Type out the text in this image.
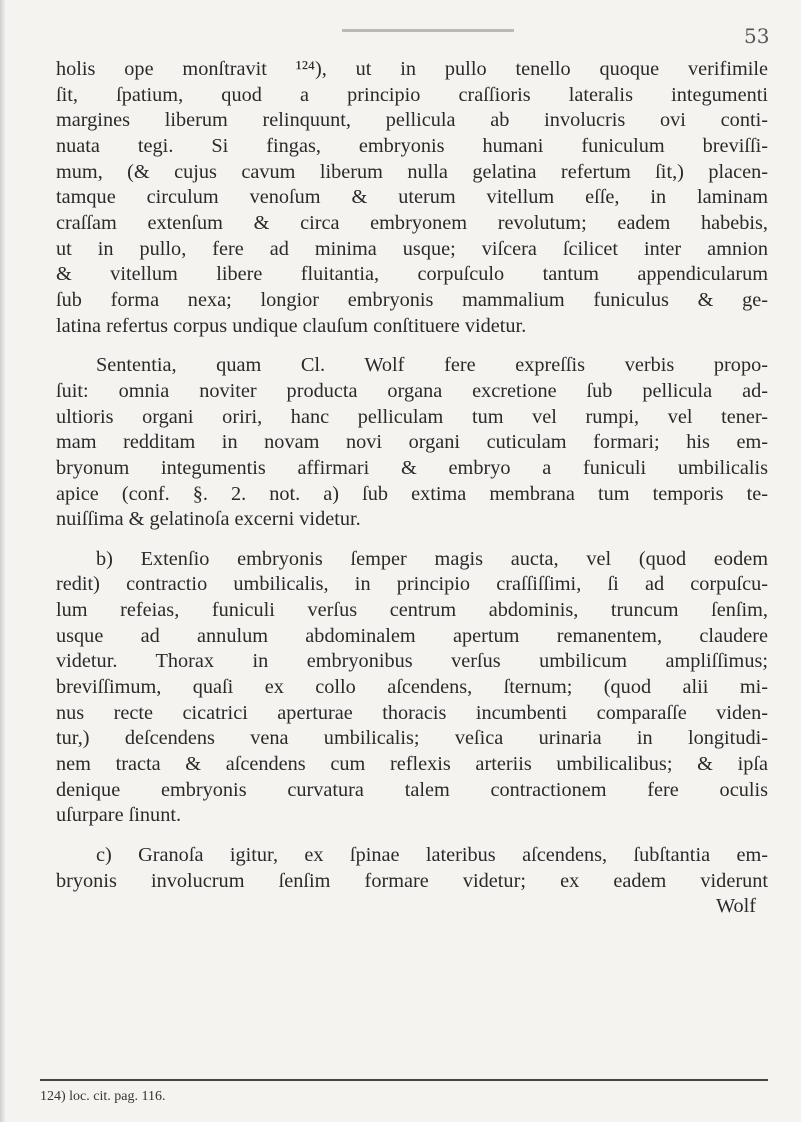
53
holis ope monſtravit ¹²⁴), ut in pullo tenello quoque verifimile
ſit, ſpatium, quod a principio craſſioris lateralis integumenti
margines liberum relinquunt, pellicula ab involucris ovi conti-
nuata tegi. Si fingas, embryonis humani funiculum breviſſi-
mum, (& cujus cavum liberum nulla gelatina refertum ſit,) placen-
tamque circulum venoſum & uterum vitellum eſſe, in laminam
craſſam extenſum & circa embryonem revolutum; eadem habebis,
ut in pullo, fere ad minima usque; viſcera ſcilicet inter amnion
& vitellum libere fluitantia, corpuſculo tantum appendicularum
ſub forma nexa; longior embryonis mammalium funiculus & ge-
latina refertus corpus undique clauſum conſtituere videtur.
Sententia, quam Cl. Wolf fere expreſſis verbis propo-
ſuit: omnia noviter producta organa excretione ſub pellicula ad-
ultioris organi oriri, hanc pelliculam tum vel rumpi, vel tener-
mam redditam in novam novi organi cuticulam formari; his em-
bryonum integumentis affirmari & embryo a funiculi umbilicalis
apice (conf. §. 2. not. a) ſub extima membrana tum temporis te-
nuiſſima & gelatinoſa excerni videtur.
b) Extenſio embryonis ſemper magis aucta, vel (quod eodem
redit) contractio umbilicalis, in principio craſſiſſimi, ſi ad corpuſcu-
lum refeias, funiculi verſus centrum abdominis, truncum ſenſim,
usque ad annulum abdominalem apertum remanentem, claudere
videtur. Thorax in embryonibus verſus umbilicum ampliſſimus;
breviſſimum, quaſi ex collo aſcendens, ſternum; (quod alii mi-
nus recte cicatrici aperturae thoracis incumbenti comparaſſe viden-
tur,) deſcendens vena umbilicalis; veſica urinaria in longitudi-
nem tracta & aſcendens cum reflexis arteriis umbilicalibus; & ipſa
denique embryonis curvatura talem contractionem fere oculis
uſurpare ſinunt.
c) Granoſa igitur, ex ſpinae lateribus aſcendens, ſubſtantia em-
bryonis involucrum ſenſim formare videtur; ex eadem viderunt
Wolf
124) loc. cit. pag. 116.
